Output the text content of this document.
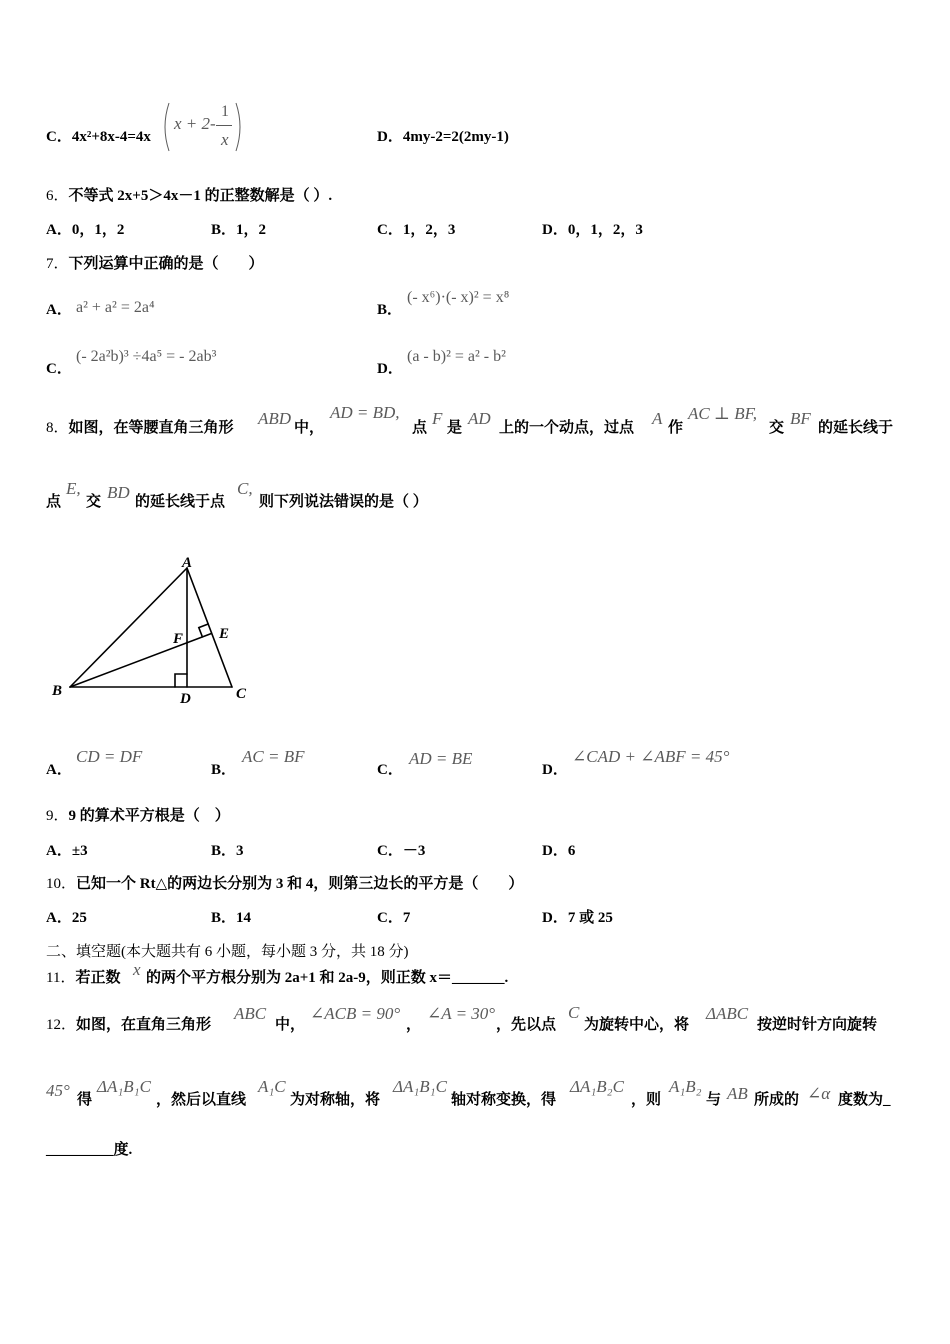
C．4x²+8x-4=4x
x + 2-
1
x	D．4my-2=2(2my-1)
6．不等式 2x+5＞4x－1 的正整数解是（ ）.
A．0，1，2	B．1，2	C．1，2，3	D．0，1，2，3
7．下列运算中正确的是（　　）
A． a² + a² = 2a⁴	B．
(- x⁶)·(- x)² = x⁸
C．
(- 2a²b)³ ÷4a⁵ = - 2ab³
D．
(a - b)² = a² - b²
8．如图，在等腰直角三角形 ABD 中，
AD = BD,
点 F 是 AD 上的一个动点，过点 A 作
AC ⊥ BF,
交 BF 的延长线于
点
E,
交 BD 的延长线于点
C,
则下列说法错误的是（ ）
A
B	C
D
E
F
A．
CD = DF
B．
AC = BF
C．
AD = BE
D．
∠CAD + ∠ABF = 45°
9．9 的算术平方根是（　）
A．±3	B．3	C．－3	D．6
10．已知一个 Rt△的两边长分别为 3 和 4，则第三边长的平方是（　　）
A．25	B．14	C．7	D．7 或 25
二、填空题(本大题共有 6 小题，每小题 3 分，共 18 分)
11．若正数 x 的两个平方根分别为 2a+1 和 2a-9，则正数 x＝_______.
12．如图，在直角三角形
ABC
中，
∠ACB = 90°
，
∠A = 30°
，先以点
C
为旋转中心，将
ΔABC
按逆时针方向旋转
45° 得
ΔA₁B₁C
，然后以直线
A₁C
为对称轴，将
ΔA₁B₁C
轴对称变换，得
ΔA₁B₂C
，则
A₁B₂
与 AB 所成的 ∠α 度数为_
_________度.
